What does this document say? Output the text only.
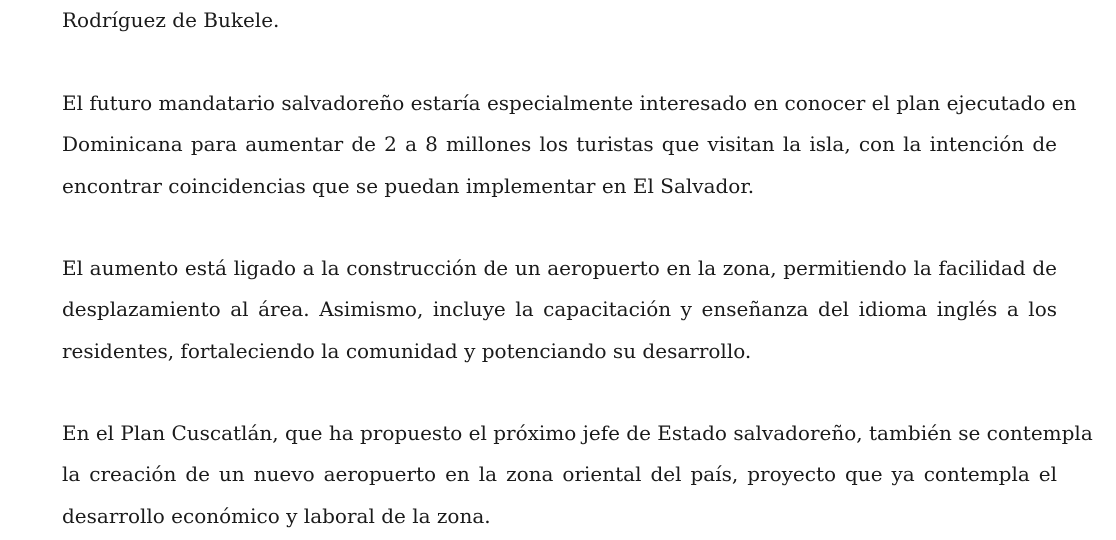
Rodríguez de Bukele.
El futuro mandatario salvadoreño estaría especialmente interesado en conocer el plan ejecutado en
Dominicana para aumentar de 2 a 8 millones los turistas que visitan la isla, con la intención de
encontrar coincidencias que se puedan implementar en El Salvador.
El aumento está ligado a la construcción de un aeropuerto en la zona, permitiendo la facilidad de
desplazamiento al área. Asimismo, incluye la capacitación y enseñanza del idioma inglés a los
residentes, fortaleciendo la comunidad y potenciando su desarrollo.
En el Plan Cuscatlán, que ha propuesto el próximo jefe de Estado salvadoreño, también se contempla
la creación de un nuevo aeropuerto en la zona oriental del país, proyecto que ya contempla el
desarrollo económico y laboral de la zona.
